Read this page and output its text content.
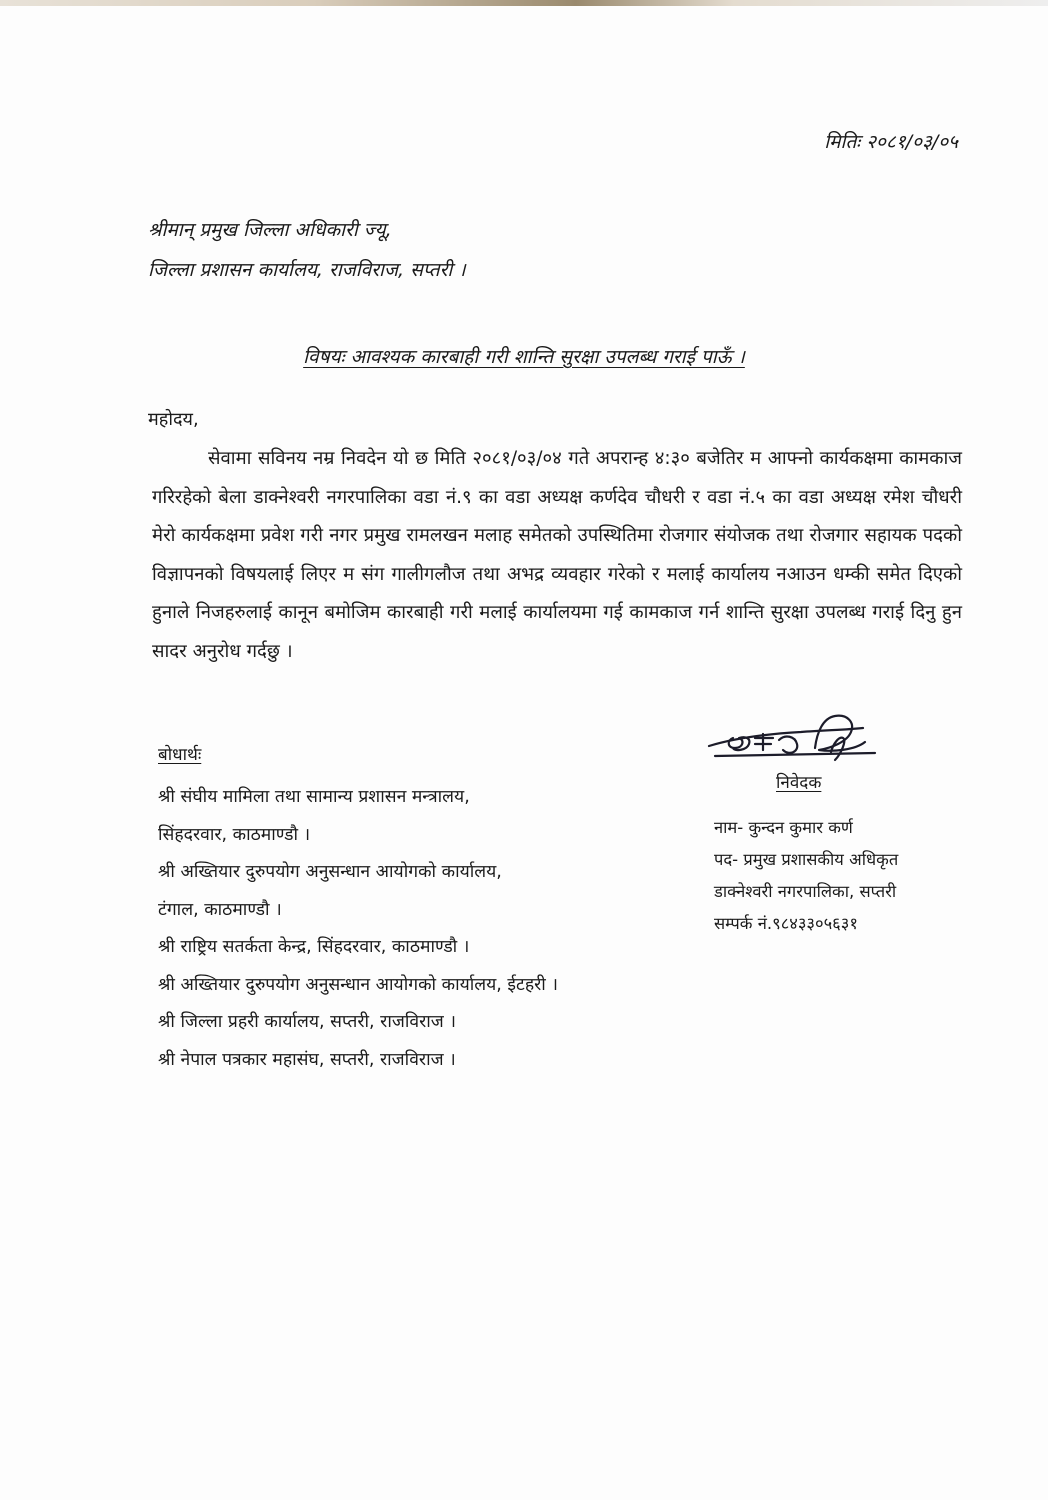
मितिः २०८१/०३/०५
श्रीमान् प्रमुख जिल्ला अधिकारी ज्यू,
जिल्ला प्रशासन कार्यालय, राजविराज, सप्तरी ।
विषयः आवश्यक कारबाही गरी शान्ति सुरक्षा उपलब्ध गराई पाऊँ ।
महोदय,
सेवामा सविनय नम्र निवदेन यो छ मिति २०८१/०३/०४ गते अपरान्ह ४:३० बजेतिर म आफ्नो कार्यकक्षमा कामकाज गरिरहेको बेला डाक्नेश्वरी नगरपालिका वडा नं.९ का वडा अध्यक्ष कर्णदेव चौधरी र वडा नं.५ का वडा अध्यक्ष रमेश चौधरी मेरो कार्यकक्षमा प्रवेश गरी नगर प्रमुख रामलखन मलाह समेतको उपस्थितिमा रोजगार संयोजक तथा रोजगार सहायक पदको विज्ञापनको विषयलाई लिएर म संग गालीगलौज तथा अभद्र व्यवहार गरेको र मलाई कार्यालय नआउन धम्की समेत दिएको हुनाले निजहरुलाई कानून बमोजिम कारबाही गरी मलाई कार्यालयमा गई कामकाज गर्न शान्ति सुरक्षा उपलब्ध गराई दिनु हुन सादर अनुरोध गर्दछु ।
निवेदक
नाम- कुन्दन कुमार कर्ण
पद- प्रमुख प्रशासकीय अधिकृत
डाक्नेश्वरी नगरपालिका, सप्तरी
सम्पर्क नं.९८४३३०५६३१
बोधार्थः
श्री संघीय मामिला तथा सामान्य प्रशासन मन्त्रालय,
सिंहदरवार, काठमाण्डौ ।
श्री अख्तियार दुरुपयोग अनुसन्धान आयोगको कार्यालय,
टंगाल, काठमाण्डौ ।
श्री राष्ट्रिय सतर्कता केन्द्र, सिंहदरवार, काठमाण्डौ ।
श्री अख्तियार दुरुपयोग अनुसन्धान आयोगको कार्यालय, ईटहरी ।
श्री जिल्ला प्रहरी कार्यालय, सप्तरी, राजविराज ।
श्री नेपाल पत्रकार महासंघ, सप्तरी, राजविराज ।
